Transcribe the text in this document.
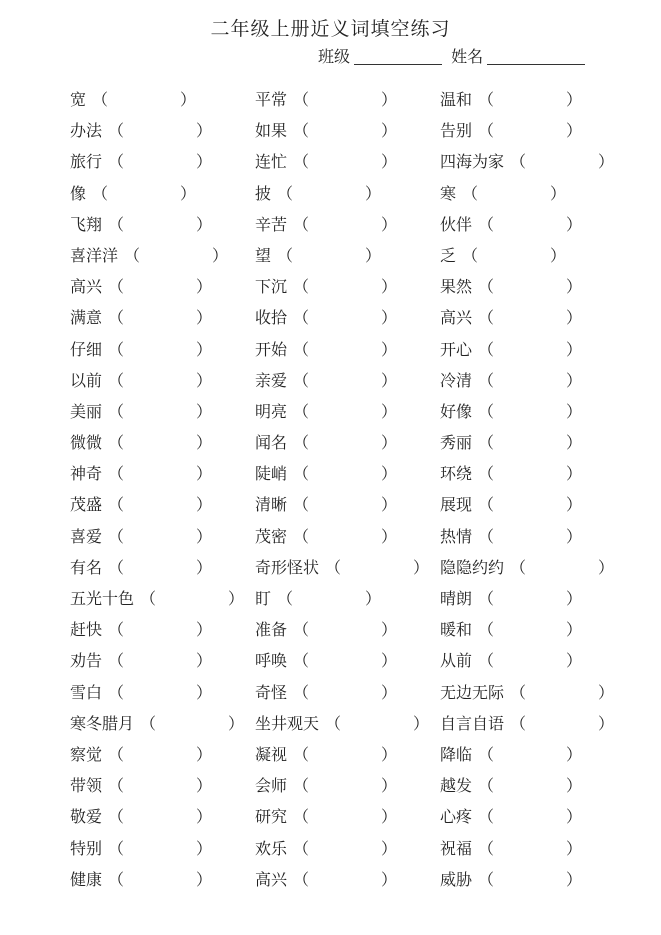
二年级上册近义词填空练习
班级	姓名
宽 （	）	平常 （	）	温和 （	）
办法 （	）	如果 （	）	告别 （	）
旅行 （	）	连忙 （	）	四海为家 （	）
像 （	）	披 （	）	寒 （	）
飞翔 （	）	辛苦 （	）	伙伴 （	）
喜洋洋 （	）	望 （	）	乏 （	）
高兴 （	）	下沉 （	）	果然 （	）
满意 （	）	收拾 （	）	高兴 （	）
仔细 （	）	开始 （	）	开心 （	）
以前 （	）	亲爱 （	）	冷清 （	）
美丽 （	）	明亮 （	）	好像 （	）
微微 （	）	闻名 （	）	秀丽 （	）
神奇 （	）	陡峭 （	）	环绕 （	）
茂盛 （	）	清晰 （	）	展现 （	）
喜爱 （	）	茂密 （	）	热情 （	）
有名 （	）	奇形怪状 （	） 隐隐约约 （	）
五光十色 （	） 盯 （	）	晴朗 （	）
赶快 （	）	准备 （	）	暖和 （	）
劝告 （	）	呼唤 （	）	从前 （	）
雪白 （	）	奇怪 （	）	无边无际 （	）
寒冬腊月 （	） 坐井观天 （	） 自言自语 （	）
察觉 （	）	凝视 （	）	降临 （	）
带领 （	）	会师 （	）	越发 （	）
敬爱 （	）	研究 （	）	心疼 （	）
特别 （	）	欢乐 （	）	祝福 （	）
健康 （	）	高兴 （	）	威胁 （	）
